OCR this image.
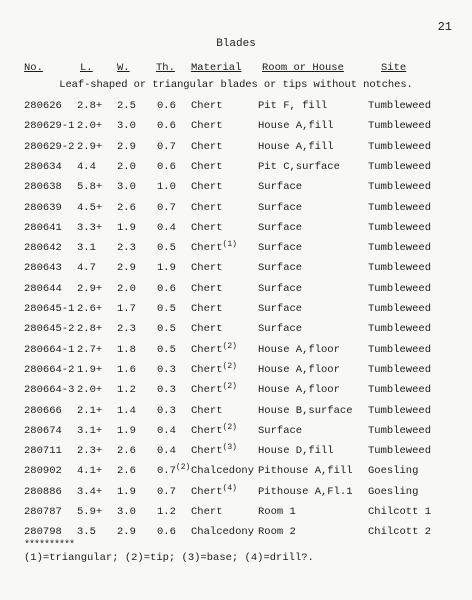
21
Blades
No.	L. W.	Th. Material Room or House	Site
Leaf-shaped or triangular blades or tips without notches.
280626 2.8+ 2.5 0.6 Chert	Pit F, fill	Tumbleweed
280629-1 2.0+ 3.0 0.6 Chert	House A,fill	Tumbleweed
280629-2 2.9+ 2.9 0.7 Chert	House A,fill	Tumbleweed
280634 4.4 2.0 0.6 Chert	Pit C,surface	Tumbleweed
280638 5.8+ 3.0 1.0 Chert	Surface	Tumbleweed
280639 4.5+ 2.6 0.7 Chert	Surface	Tumbleweed
280641 3.3+ 1.9 0.4 Chert	Surface	Tumbleweed
280642 3.1 2.3 0.5 Chert$^{(1)}$ Surface	Tumbleweed
280643 4.7 2.9 1.9 Chert	Surface	Tumbleweed
280644 2.9+ 2.0 0.6 Chert	Surface	Tumbleweed
280645-1 2.6+ 1.7 0.5 Chert	Surface	Tumbleweed
280645-2 2.8+ 2.3 0.5 Chert	Surface	Tumbleweed
280664-1 2.7+ 1.8 0.5 Chert$^{(2)}$ House A,floor	Tumbleweed
280664-2 1.9+ 1.6 0.3 Chert$^{(2)}$ House A,floor	Tumbleweed
280664-3 2.0+ 1.2 0.3 Chert$^{(2)}$ House A,floor	Tumbleweed
280666 2.1+ 1.4 0.3 Chert	House B,surface Tumbleweed
280674 3.1+ 1.9 0.4 Chert$^{(2)}$ Surface	Tumbleweed
280711 2.3+ 2.6 0.4 Chert$^{(3)}$ House D,fill	Tumbleweed
280902 4.1+ 2.6 0.7$^{(2)}$ Chalcedony Pithouse A,fill Goesling
280886 3.4+ 1.9 0.7 Chert$^{(4)}$ Pithouse A,Fl.1 Goesling
280787 5.9+ 3.0 1.2 Chert	Room 1	Chilcott 1
280798 3.5 2.9 0.6 Chalcedony Room 2	Chilcott 2
**********
(1)=triangular; (2)=tip; (3)=base; (4)=drill?.
